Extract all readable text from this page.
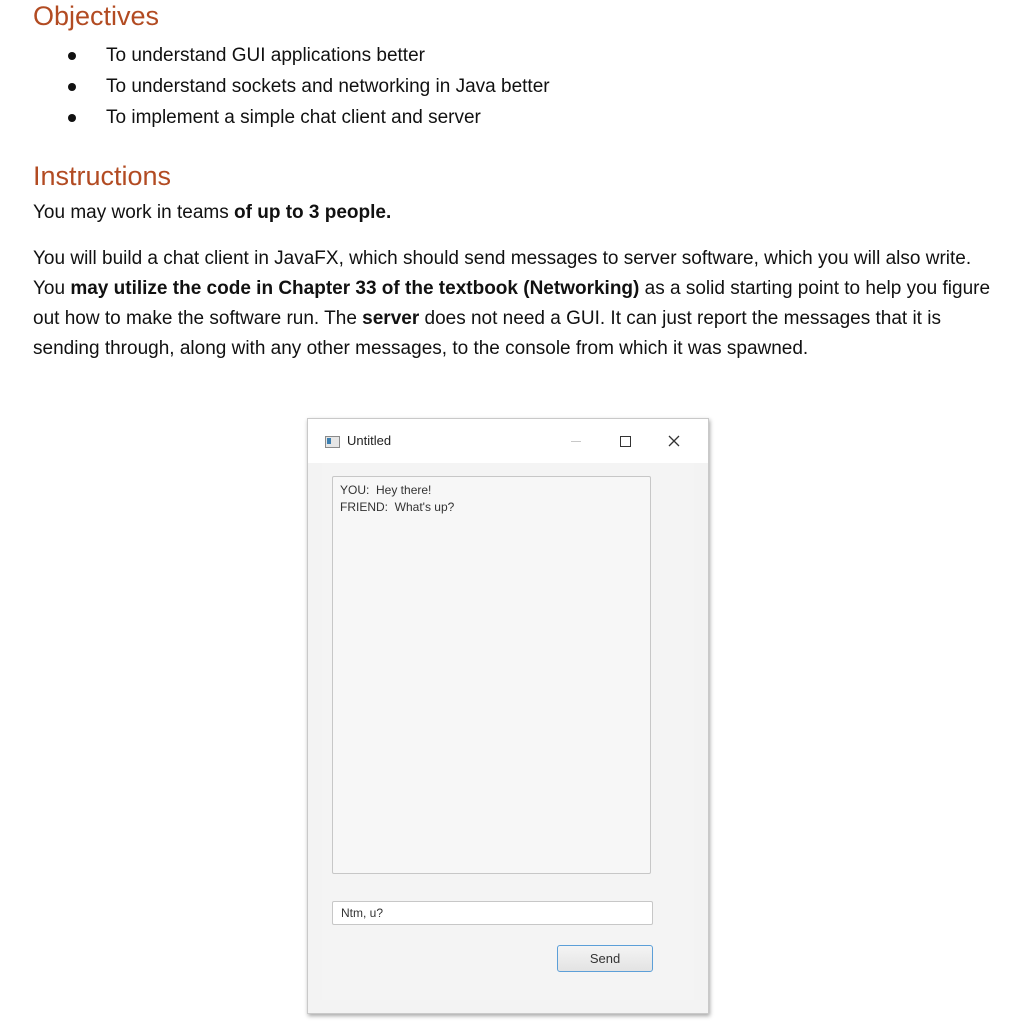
Objectives
To understand GUI applications better
To understand sockets and networking in Java better
To implement a simple chat client and server
Instructions

You may work in teams of up to 3 people.

You will build a chat client in JavaFX, which should send messages to server software, which you will also write. You may utilize the code in Chapter 33 of the textbook (Networking) as a solid starting point to help you figure out how to make the software run. The server does not need a GUI. It can just report the messages that it is sending through, along with any other messages, to the console from which it was spawned.

Untitled
YOU:  Hey there!
FRIEND:  What's up?
Ntm, u?
Send
